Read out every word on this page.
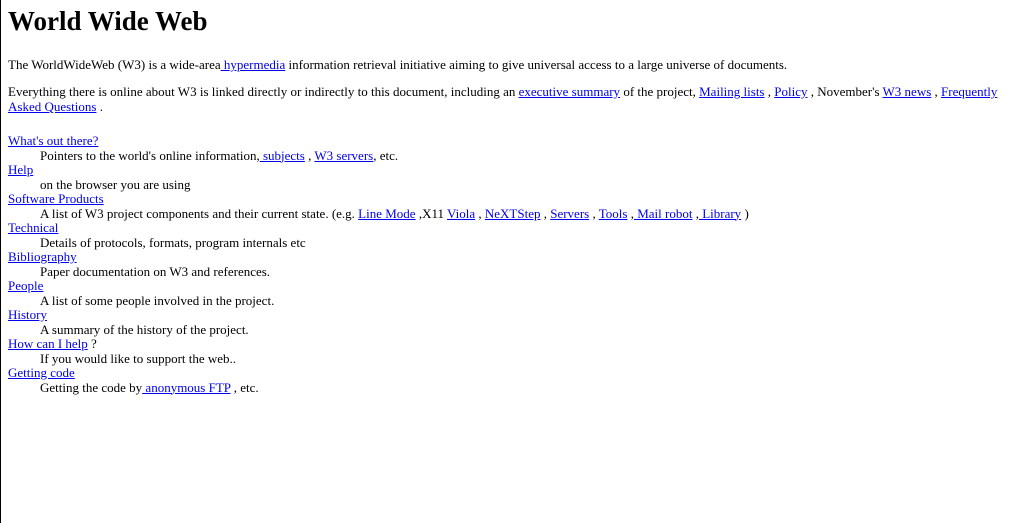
World Wide Web

The WorldWideWeb (W3) is a wide-area hypermedia information retrieval initiative aiming to give universal access to a large universe of documents.

Everything there is online about W3 is linked directly or indirectly to this document, including an executive summary of the project, Mailing lists , Policy , November's W3 news , Frequently Asked Questions .

What's out there?
Pointers to the world's online information, subjects , W3 servers, etc.
Help
on the browser you are using
Software Products
A list of W3 project components and their current state. (e.g. Line Mode ,X11 Viola , NeXTStep , Servers , Tools , Mail robot , Library )
Technical
Details of protocols, formats, program internals etc
Bibliography
Paper documentation on W3 and references.
People
A list of some people involved in the project.
History
A summary of the history of the project.
How can I help ?
If you would like to support the web..
Getting code
Getting the code by anonymous FTP , etc.
